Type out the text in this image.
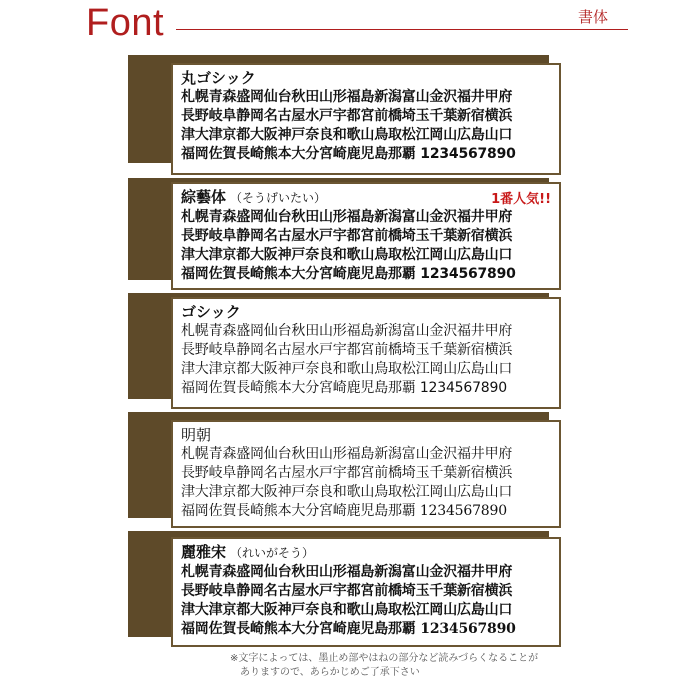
Font	書体
丸ゴシック
札幌青森盛岡仙台秋田山形福島新潟富山金沢福井甲府
長野岐阜静岡名古屋水戸宇都宮前橋埼玉千葉新宿横浜
津大津京都大阪神戸奈良和歌山鳥取松江岡山広島山口
福岡佐賀長崎熊本大分宮崎鹿児島那覇 1234567890
綜藝体 （そうげいたい）	1番人気!!
札幌青森盛岡仙台秋田山形福島新潟富山金沢福井甲府
長野岐阜静岡名古屋水戸宇都宮前橋埼玉千葉新宿横浜
津大津京都大阪神戸奈良和歌山鳥取松江岡山広島山口
福岡佐賀長崎熊本大分宮崎鹿児島那覇 1234567890
ゴシック
札幌青森盛岡仙台秋田山形福島新潟富山金沢福井甲府
長野岐阜静岡名古屋水戸宇都宮前橋埼玉千葉新宿横浜
津大津京都大阪神戸奈良和歌山鳥取松江岡山広島山口
福岡佐賀長崎熊本大分宮崎鹿児島那覇 1234567890
明朝
札幌青森盛岡仙台秋田山形福島新潟富山金沢福井甲府
長野岐阜静岡名古屋水戸宇都宮前橋埼玉千葉新宿横浜
津大津京都大阪神戸奈良和歌山鳥取松江岡山広島山口
福岡佐賀長崎熊本大分宮崎鹿児島那覇 1234567890
麗雅宋 （れいがそう）
札幌青森盛岡仙台秋田山形福島新潟富山金沢福井甲府
長野岐阜静岡名古屋水戸宇都宮前橋埼玉千葉新宿横浜
津大津京都大阪神戸奈良和歌山鳥取松江岡山広島山口
福岡佐賀長崎熊本大分宮崎鹿児島那覇 1234567890
※文字によっては、墨止め部やはねの部分など読みづらくなることが
ありますので、あらかじめご了承下さい
